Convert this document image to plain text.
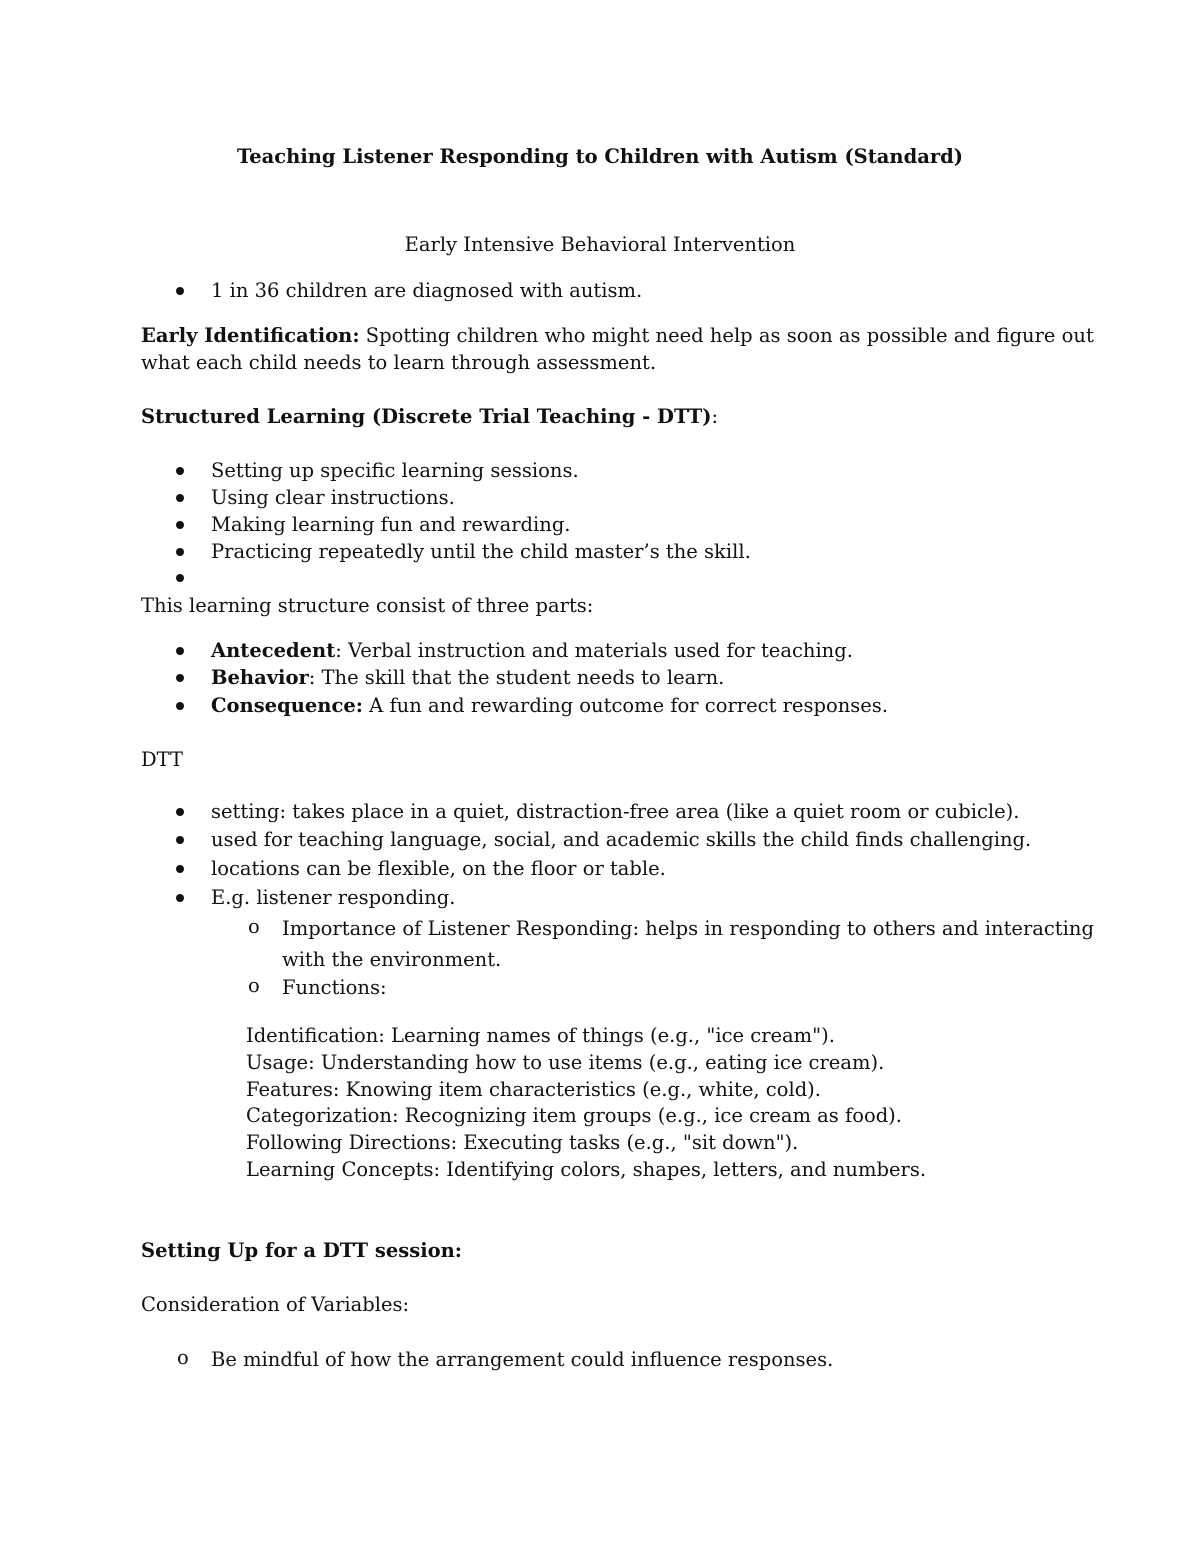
Teaching Listener Responding to Children with Autism (Standard)
Early Intensive Behavioral Intervention
1 in 36 children are diagnosed with autism.
Early Identification: Spotting children who might need help as soon as possible and figure out
what each child needs to learn through assessment.
Structured Learning (Discrete Trial Teaching - DTT):
Setting up specific learning sessions.
Using clear instructions.
Making learning fun and rewarding.
Practicing repeatedly until the child master’s the skill.
This learning structure consist of three parts:
Antecedent: Verbal instruction and materials used for teaching.
Behavior: The skill that the student needs to learn.
Consequence: A fun and rewarding outcome for correct responses.
DTT
setting: takes place in a quiet, distraction-free area (like a quiet room or cubicle).
used for teaching language, social, and academic skills the child finds challenging.
locations can be flexible, on the floor or table.
E.g. listener responding.
o Importance of Listener Responding: helps in responding to others and interacting
with the environment.
o Functions:
Identification: Learning names of things (e.g., "ice cream").
Usage: Understanding how to use items (e.g., eating ice cream).
Features: Knowing item characteristics (e.g., white, cold).
Categorization: Recognizing item groups (e.g., ice cream as food).
Following Directions: Executing tasks (e.g., "sit down").
Learning Concepts: Identifying colors, shapes, letters, and numbers.
Setting Up for a DTT session:
Consideration of Variables:
o Be mindful of how the arrangement could influence responses.
